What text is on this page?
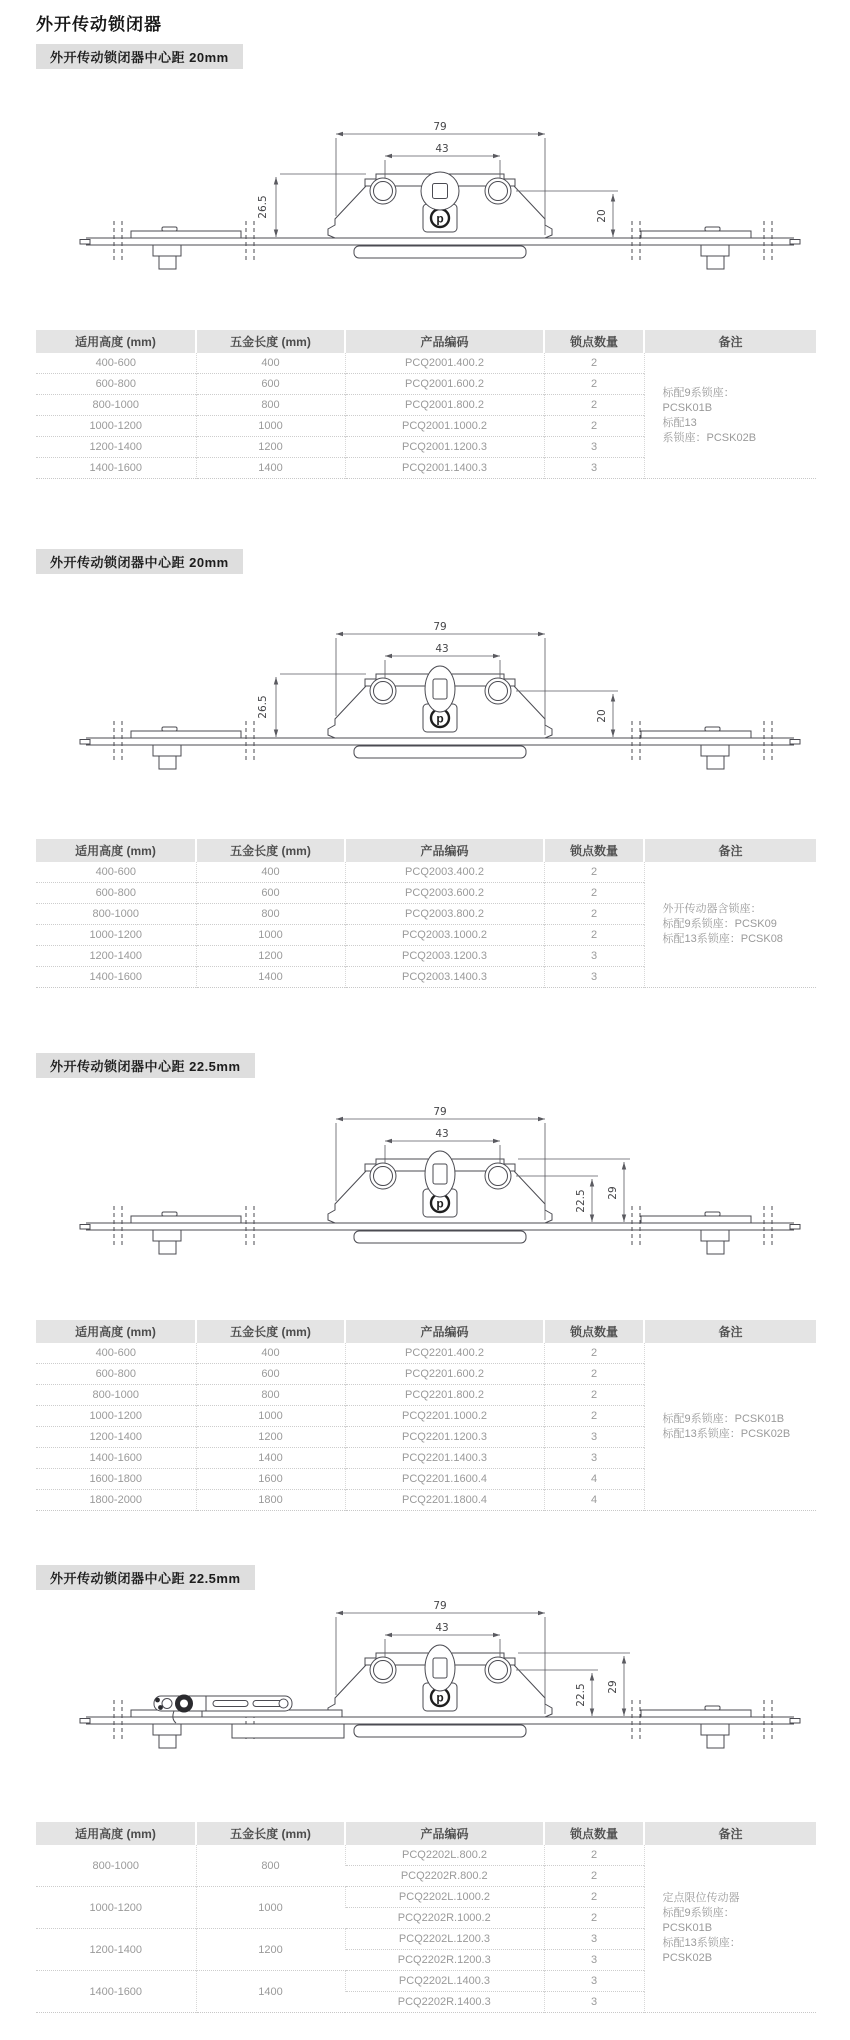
外开传动锁闭器
外开传动锁闭器中心距 20mm
79
43
26.5	20
适用高度 (mm)	五金长度 (mm)	产品编码	锁点数量	备注
400-600	400	PCQ2001.400.2	2	标配9系锁座：
PCSK01B
标配13
系锁座：PCSK02B

600-800	600	PCQ2001.600.2	2	
800-1000	800	PCQ2001.800.2	2	
1000-1200	1000	PCQ2001.1000.2	2	
1200-1400	1200	PCQ2001.1200.3	3	
1400-1600	1400	PCQ2001.1400.3	3	
外开传动锁闭器中心距 20mm
79
43
26.5	20
适用高度 (mm)	五金长度 (mm)	产品编码	锁点数量	备注
400-600	400	PCQ2003.400.2	2	外开传动器含锁座：
标配9系锁座：PCSK09
标配13系锁座：PCSK08

600-800	600	PCQ2003.600.2	2	
800-1000	800	PCQ2003.800.2	2	
1000-1200	1000	PCQ2003.1000.2	2	
1200-1400	1200	PCQ2003.1200.3	3	
1400-1600	1400	PCQ2003.1400.3	3	
外开传动锁闭器中心距 22.5mm
79
43
22.5 29
适用高度 (mm)	五金长度 (mm)	产品编码	锁点数量	备注
400-600	400	PCQ2201.400.2	2	标配9系锁座：PCSK01B
标配13系锁座：PCSK02B

600-800	600	PCQ2201.600.2	2	
800-1000	800	PCQ2201.800.2	2	
1000-1200	1000	PCQ2201.1000.2	2	
1200-1400	1200	PCQ2201.1200.3	3	
1400-1600	1400	PCQ2201.1400.3	3	
1600-1800	1600	PCQ2201.1600.4	4	
1800-2000	1800	PCQ2201.1800.4	4	
外开传动锁闭器中心距 22.5mm
79
43
22.5 29
适用高度 (mm)	五金长度 (mm)	产品编码	锁点数量	备注
800-1000	800	PCQ2202L.800.2	2	定点限位传动器
标配9系锁座：
PCSK01B
标配13系锁座：
PCSK02B

		PCQ2202R.800.2	2	
1000-1200	1000	PCQ2202L.1000.2	2	
		PCQ2202R.1000.2	2	
1200-1400	1200	PCQ2202L.1200.3	3	
		PCQ2202R.1200.3	3	
1400-1600	1400	PCQ2202L.1400.3	3	
		PCQ2202R.1400.3	3	
